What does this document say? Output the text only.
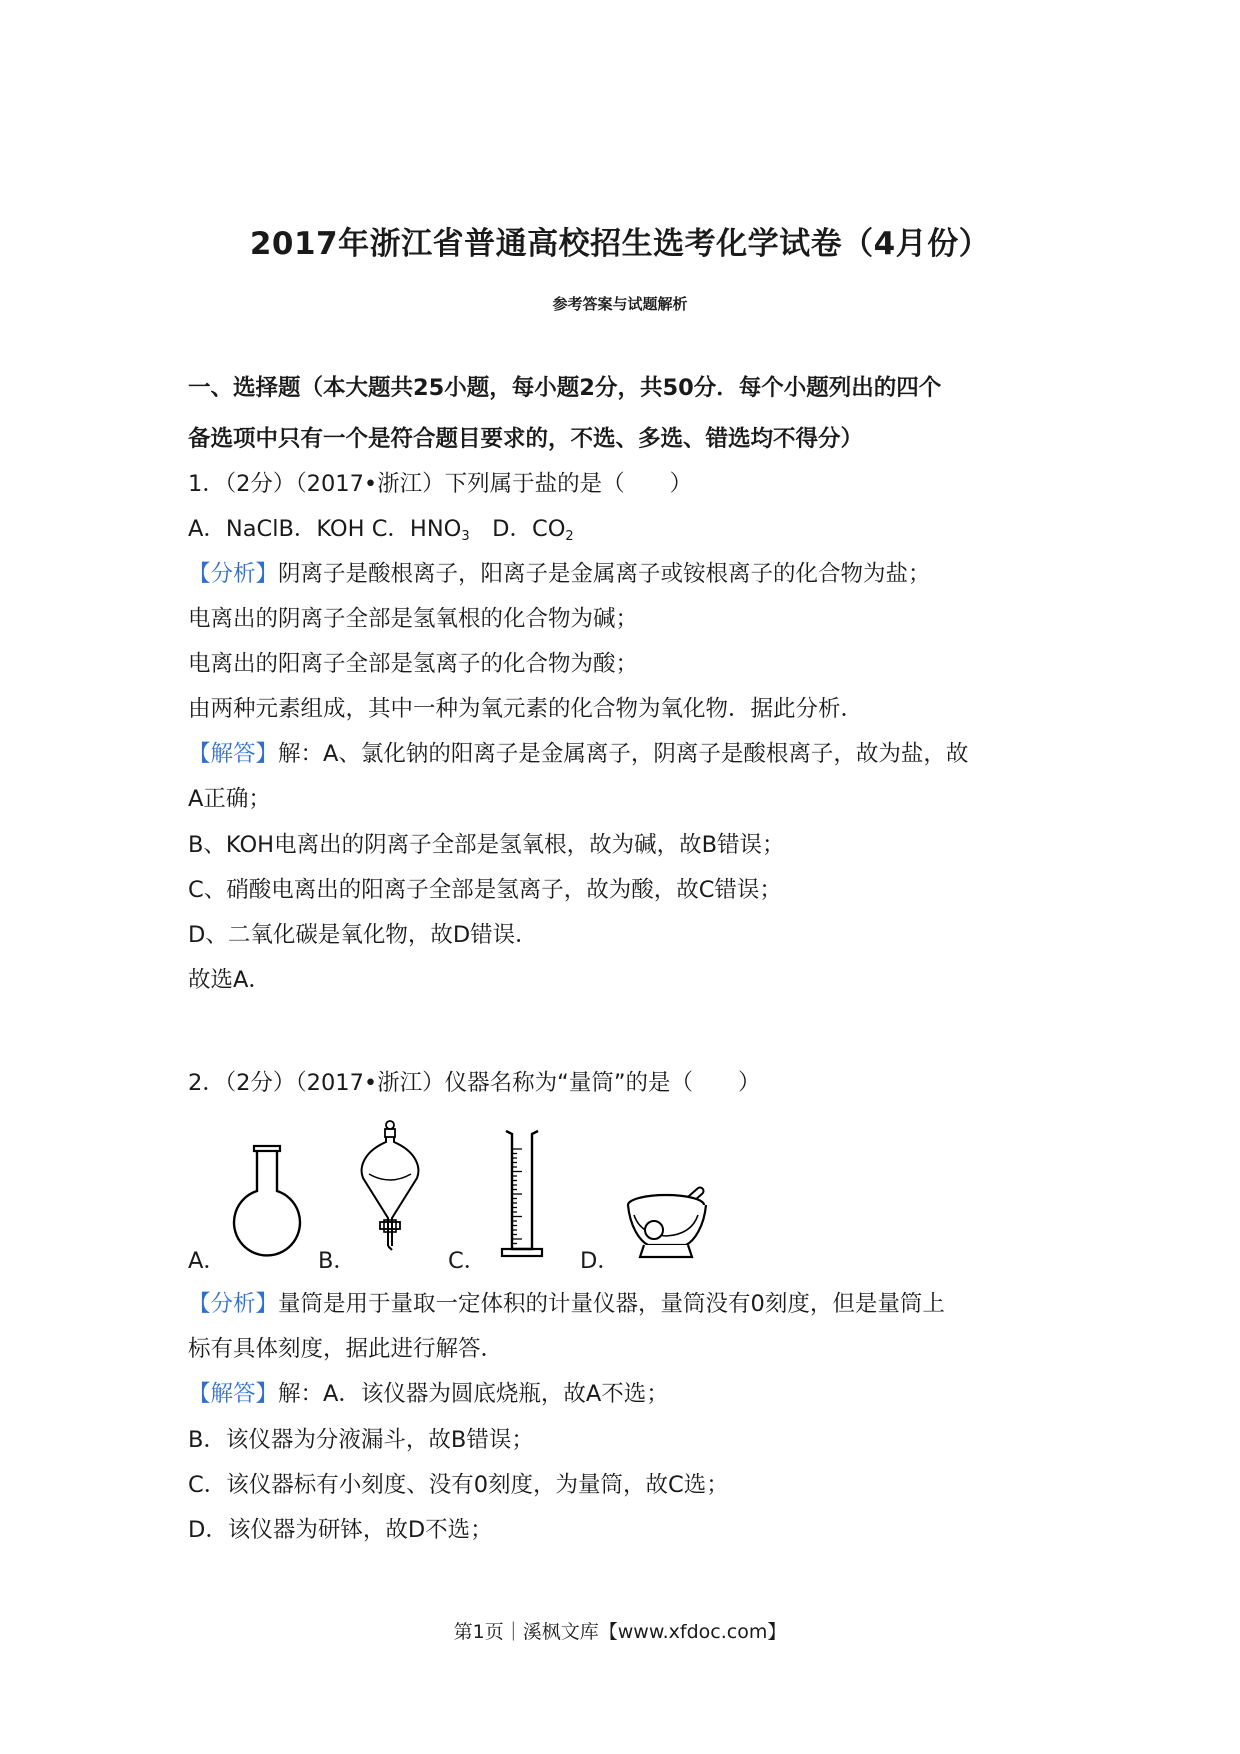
2017年浙江省普通高校招生选考化学试卷（4月份）
参考答案与试题解析
一、选择题（本大题共25小题，每小题2分，共50分．每个小题列出的四个
备选项中只有一个是符合题目要求的，不选、多选、错选均不得分）
1．（2分）（2017•浙江）下列属于盐的是（　　）
A．NaClB．KOH C．$HNO_3$　D．$CO_2$
【分析】阴离子是酸根离子，阳离子是金属离子或铵根离子的化合物为盐；
电离出的阴离子全部是氢氧根的化合物为碱；
电离出的阳离子全部是氢离子的化合物为酸；
由两种元素组成，其中一种为氧元素的化合物为氧化物．据此分析．
【解答】解：A、氯化钠的阳离子是金属离子，阴离子是酸根离子，故为盐，故
A正确；
B、KOH电离出的阴离子全部是氢氧根，故为碱，故B错误；
C、硝酸电离出的阳离子全部是氢离子，故为酸，故C错误；
D、二氧化碳是氧化物，故D错误．
故选A．
2．（2分）（2017•浙江）仪器名称为“量筒”的是（　　）
A．	B．	C．	D．
【分析】量筒是用于量取一定体积的计量仪器，量筒没有0刻度，但是量筒上
标有具体刻度，据此进行解答．
【解答】解：A．该仪器为圆底烧瓶，故A不选；
B．该仪器为分液漏斗，故B错误；
C．该仪器标有小刻度、没有0刻度，为量筒，故C选；
D．该仪器为研钵，故D不选；
第1页｜溪枫文库【www.xfdoc.com】
